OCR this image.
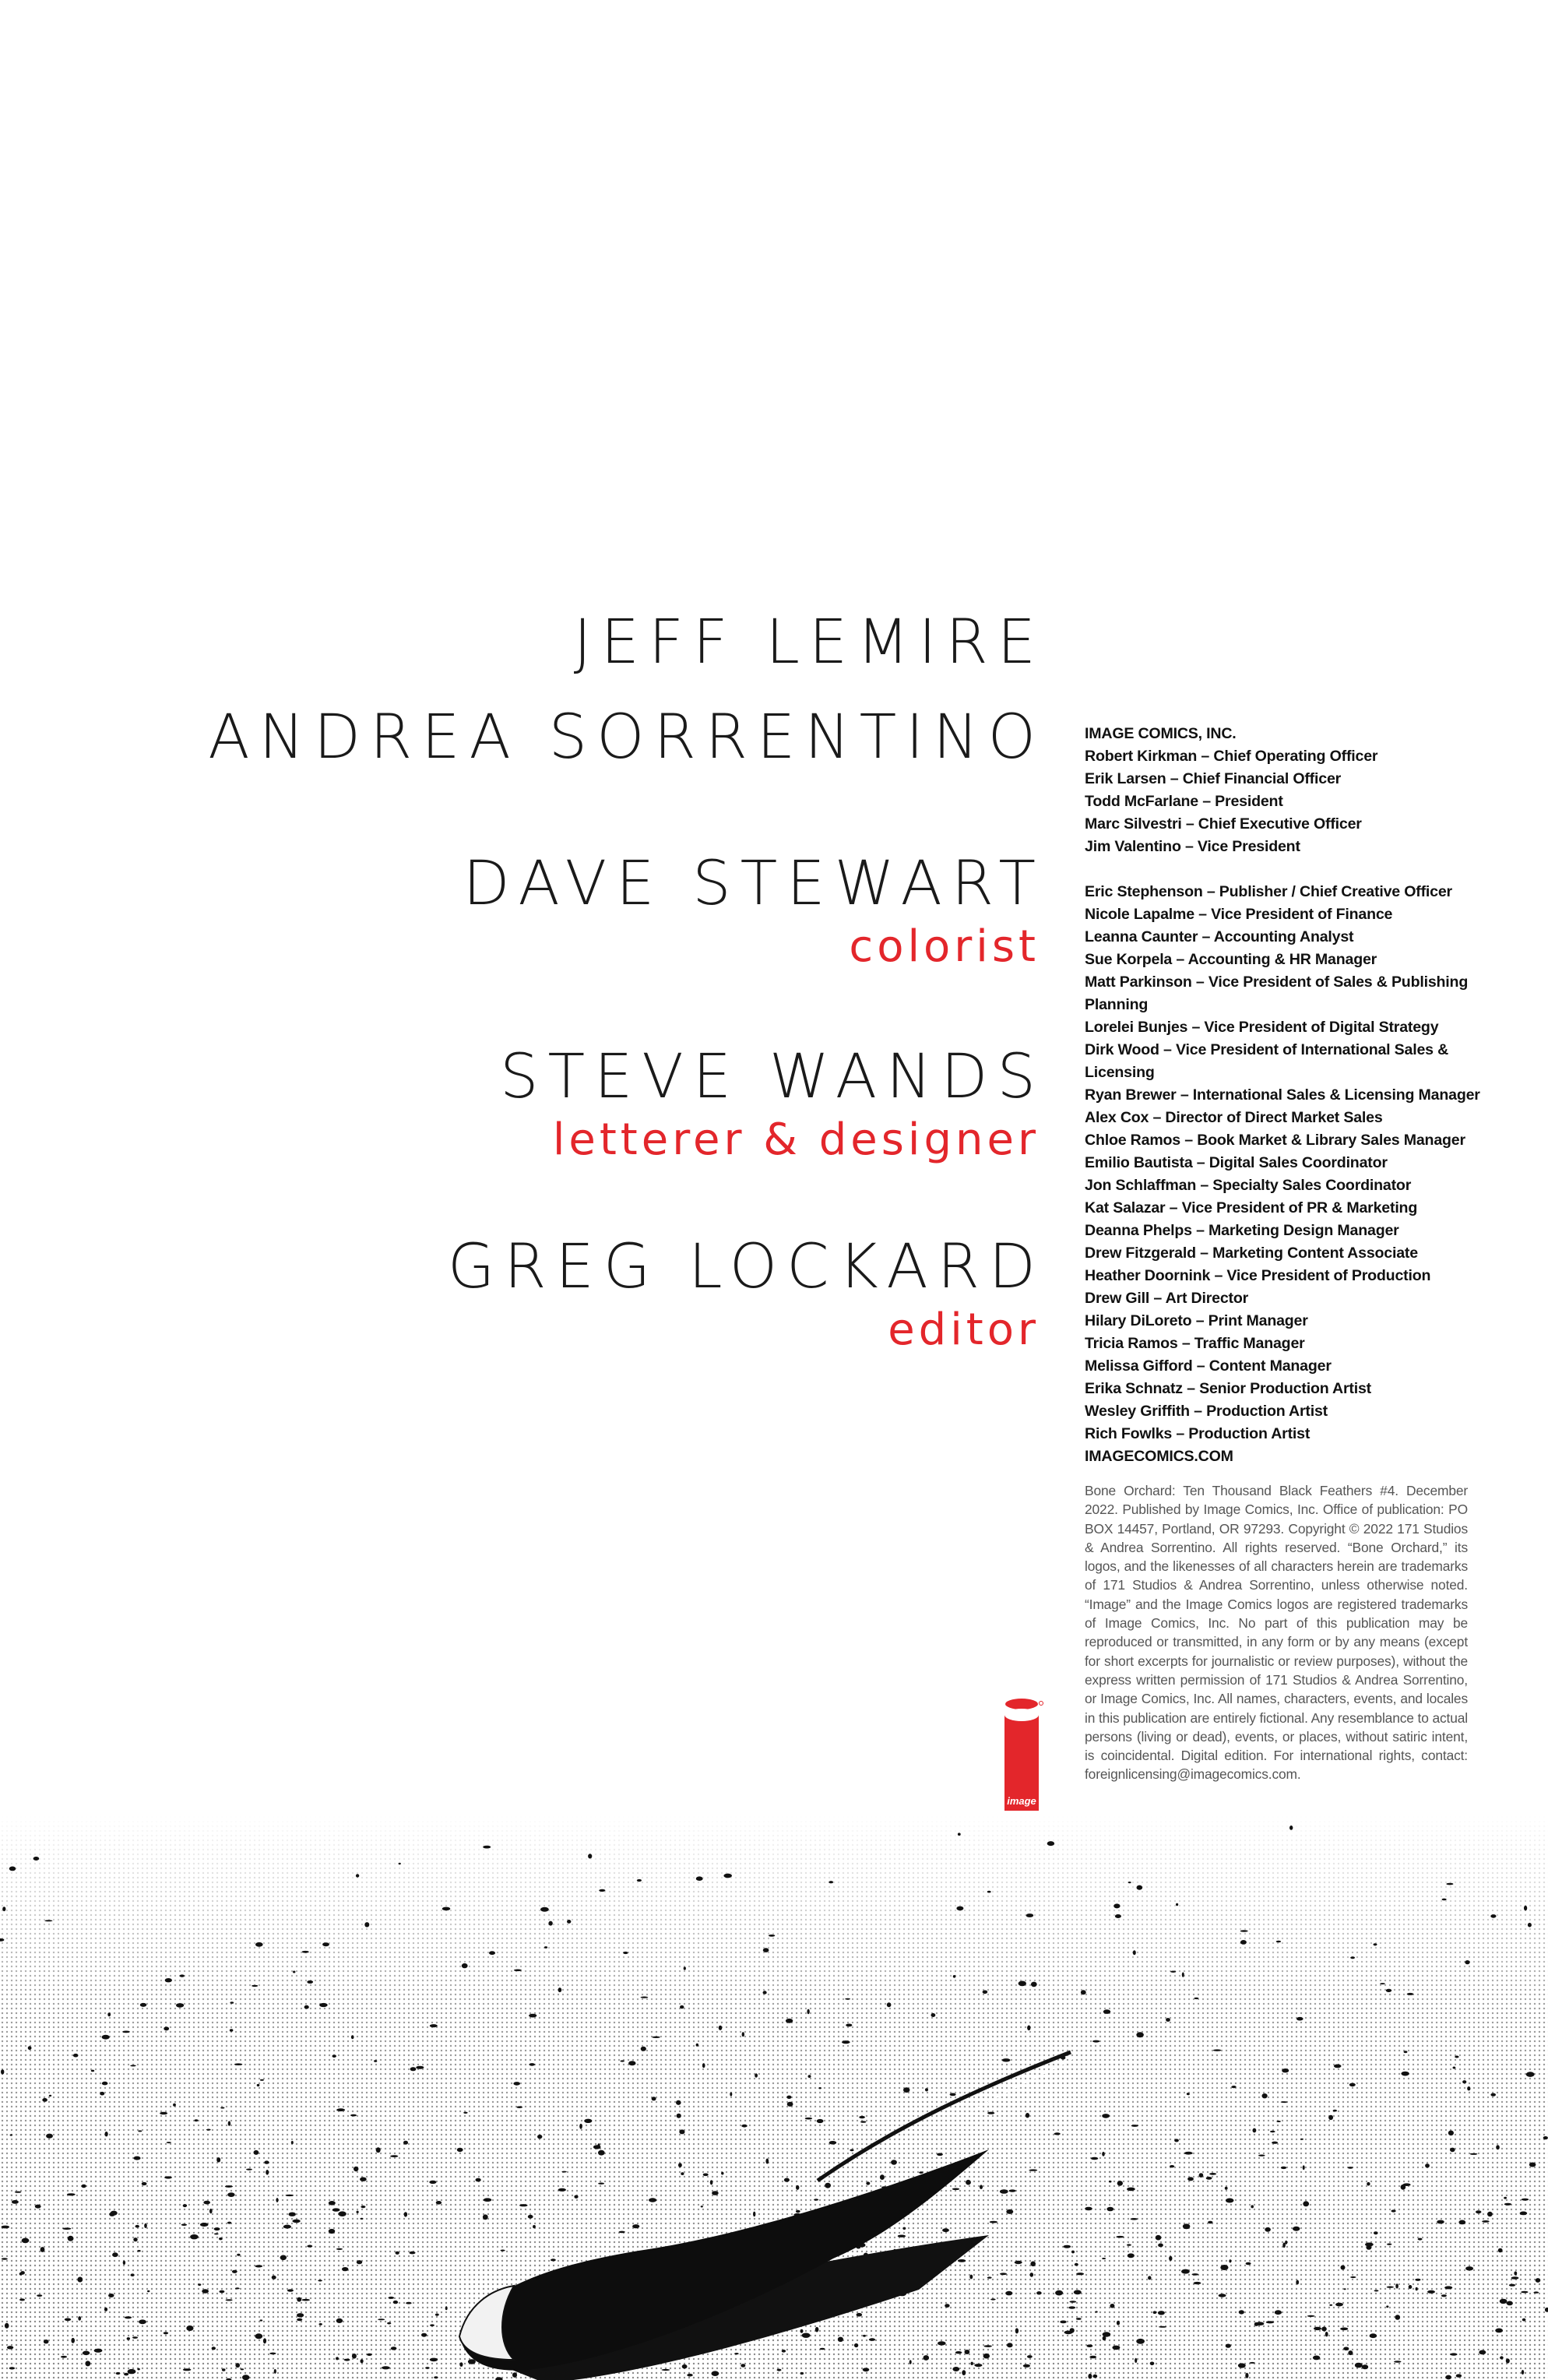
JEFF LEMIRE
ANDREA SORRENTINO
DAVE STEWART
colorist
STEVE WANDS
letterer & designer
GREG LOCKARD
editor
IMAGE COMICS, INC.
Robert Kirkman – Chief Operating Officer
Erik Larsen – Chief Financial Officer
Todd McFarlane – President
Marc Silvestri – Chief Executive Officer
Jim Valentino – Vice President
Eric Stephenson – Publisher / Chief Creative Officer
Nicole Lapalme – Vice President of Finance
Leanna Caunter – Accounting Analyst
Sue Korpela – Accounting & HR Manager
Matt Parkinson – Vice President of Sales & Publishing Planning
Lorelei Bunjes – Vice President of Digital Strategy
Dirk Wood – Vice President of International Sales & Licensing
Ryan Brewer – International Sales & Licensing Manager
Alex Cox – Director of Direct Market Sales
Chloe Ramos – Book Market & Library Sales Manager
Emilio Bautista – Digital Sales Coordinator
Jon Schlaffman – Specialty Sales Coordinator
Kat Salazar – Vice President of PR & Marketing
Deanna Phelps – Marketing Design Manager
Drew Fitzgerald – Marketing Content Associate
Heather Doornink – Vice President of Production
Drew Gill – Art Director
Hilary DiLoreto – Print Manager
Tricia Ramos – Traffic Manager
Melissa Gifford – Content Manager
Erika Schnatz – Senior Production Artist
Wesley Griffith – Production Artist
Rich Fowlks – Production Artist
IMAGECOMICS.COM
Bone Orchard: Ten Thousand Black Feathers #4. December 2022. Published by Image Comics, Inc. Office of publication: PO BOX 14457, Portland, OR 97293. Copyright © 2022 171 Studios & Andrea Sorrentino. All rights reserved. “Bone Orchard,” its logos, and the likenesses of all characters herein are trademarks of 171 Studios & Andrea Sorrentino, unless otherwise noted. “Image” and the Image Comics logos are registered trademarks of Image Comics, Inc. No part of this publication may be reproduced or transmitted, in any form or by any means (except for short excerpts for journalistic or review purposes), without the express written permission of 171 Studios & Andrea Sorrentino, or Image Comics, Inc. All names, characters, events, and locales in this publication are entirely fictional. Any resemblance to actual persons (living or dead), events, or places, without satiric intent, is coincidental. Digital edition. For international rights, contact: foreignlicensing@imagecomics.com.
image
